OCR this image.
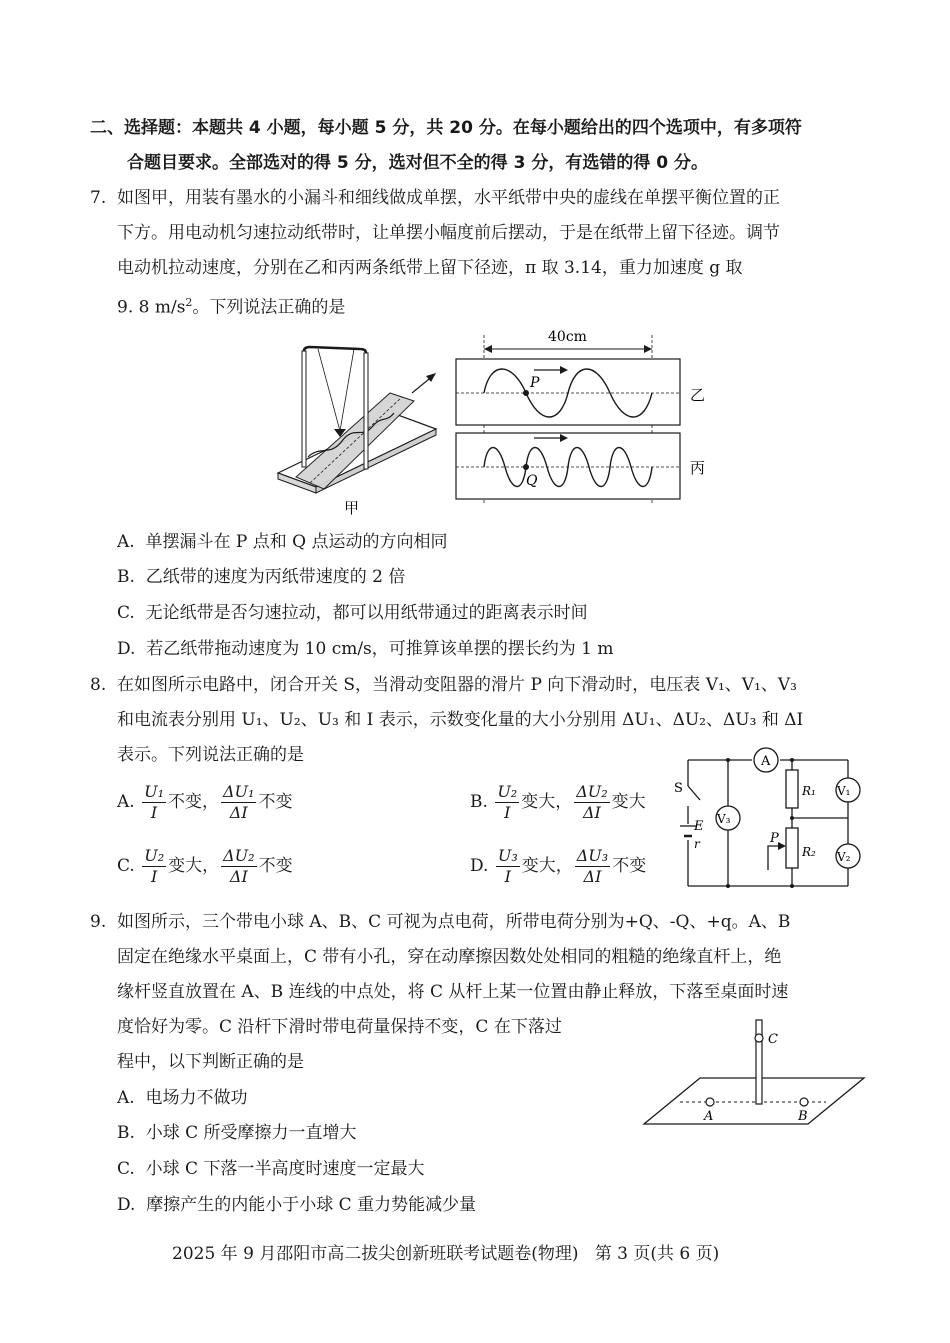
二、选择题：本题共 4 小题，每小题 5 分，共 20 分。在每小题给出的四个选项中，有多项符
合题目要求。全部选对的得 5 分，选对但不全的得 3 分，有选错的得 0 分。
7. 如图甲，用装有墨水的小漏斗和细线做成单摆，水平纸带中央的虚线在单摆平衡位置的正
下方。用电动机匀速拉动纸带时，让单摆小幅度前后摆动，于是在纸带上留下径迹。调节
电动机拉动速度，分别在乙和丙两条纸带上留下径迹，π 取 3.14，重力加速度 g 取
9. 8 $m/s^2$。下列说法正确的是
甲
40cm
P
乙
Q
丙
A. 单摆漏斗在 P 点和 Q 点运动的方向相同
B. 乙纸带的速度为丙纸带速度的 2 倍
C. 无论纸带是否匀速拉动，都可以用纸带通过的距离表示时间
D. 若乙纸带拖动速度为 10 cm/s，可推算该单摆的摆长约为 1 m
8. 在如图所示电路中，闭合开关 S，当滑动变阻器的滑片 P 向下滑动时，电压表 V₁、V₁、V₃
和电流表分别用 U₁、U₂、U₃ 和 I 表示，示数变化量的大小分别用 ΔU₁、ΔU₂、ΔU₃ 和 ΔI
表示。下列说法正确的是
A. $\frac{\text{U₁}}{I}$ 不变， $\frac{\text{ΔU₁}}{\Delta I}$ 不变	B. $\frac{\text{U₂}}{I}$ 变大， $\frac{\text{ΔU₂}}{\Delta I}$ 变大
C. $\frac{\text{U₂}}{I}$ 变大， $\frac{\text{ΔU₂}}{\Delta I}$ 不变	D. $\frac{\text{U₃}}{I}$ 变大， $\frac{\text{ΔU₃}}{\Delta I}$ 不变
A
S
E
r	P
V₃
V₁
V₂
R₁
R₂
9. 如图所示，三个带电小球 A、B、C 可视为点电荷，所带电荷分别为+Q、-Q、+q。A、B
固定在绝缘水平桌面上，C 带有小孔，穿在动摩擦因数处处相同的粗糙的绝缘直杆上，绝
缘杆竖直放置在 A、B 连线的中点处，将 C 从杆上某一位置由静止释放，下落至桌面时速
度恰好为零。C 沿杆下滑时带电荷量保持不变，C 在下落过
程中，以下判断正确的是
A	B
C
A. 电场力不做功
B. 小球 C 所受摩擦力一直增大
C. 小球 C 下落一半高度时速度一定最大
D. 摩擦产生的内能小于小球 C 重力势能减少量
2025 年 9 月邵阳市高二拔尖创新班联考试题卷(物理)   第 3 页(共 6 页)
